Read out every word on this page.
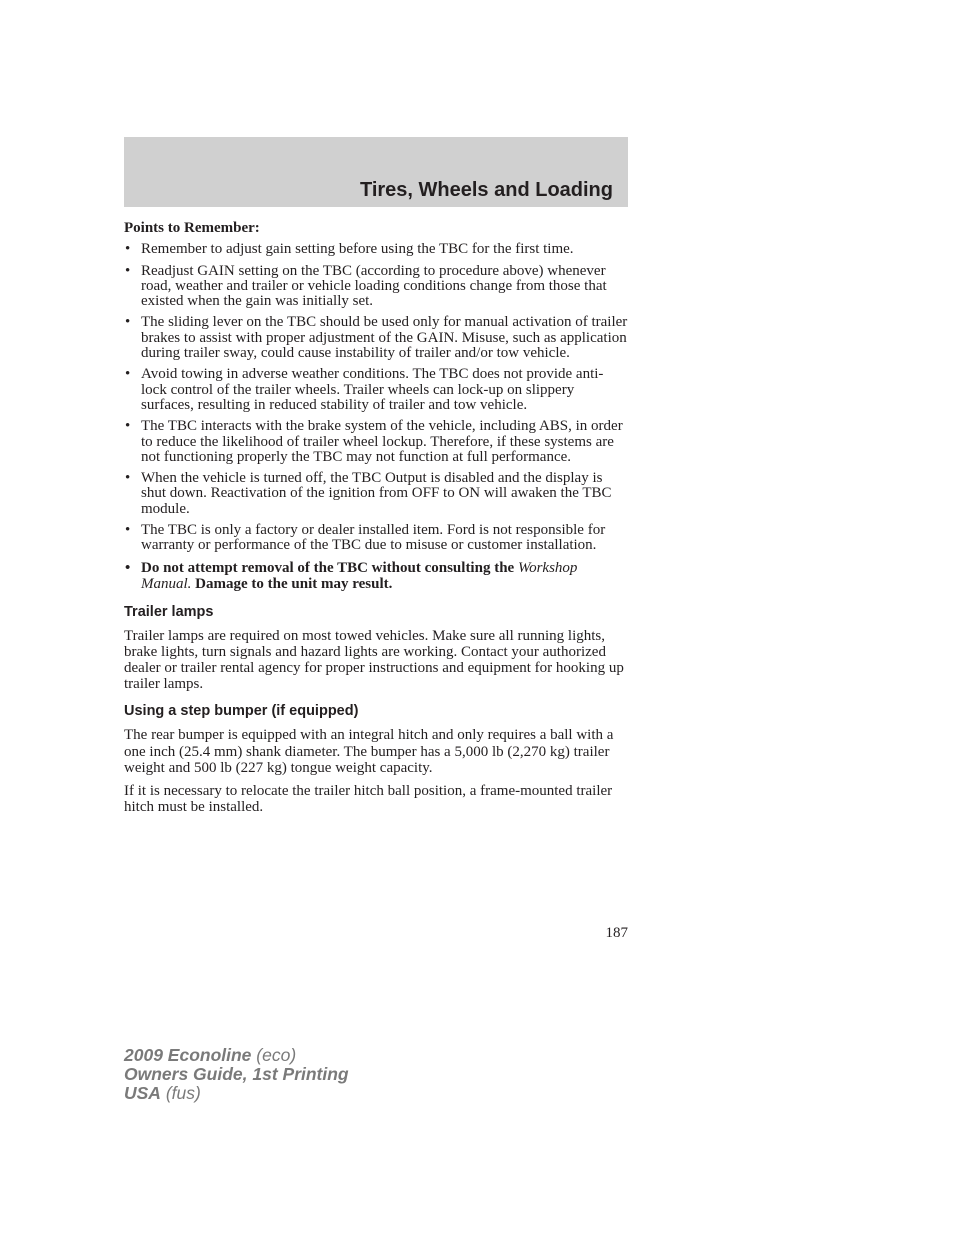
Tires, Wheels and Loading

Points to Remember:

• Remember to adjust gain setting before using the TBC for the first time.
• Readjust GAIN setting on the TBC (according to procedure above) whenever road, weather and trailer or vehicle loading conditions change from those that existed when the gain was initially set.
• The sliding lever on the TBC should be used only for manual activation of trailer brakes to assist with proper adjustment of the GAIN. Misuse, such as application during trailer sway, could cause instability of trailer and/or tow vehicle.
• Avoid towing in adverse weather conditions. The TBC does not provide anti-lock control of the trailer wheels. Trailer wheels can lock-up on slippery surfaces, resulting in reduced stability of trailer and tow vehicle.
• The TBC interacts with the brake system of the vehicle, including ABS, in order to reduce the likelihood of trailer wheel lockup. Therefore, if these systems are not functioning properly the TBC may not function at full performance.
• When the vehicle is turned off, the TBC Output is disabled and the display is shut down. Reactivation of the ignition from OFF to ON will awaken the TBC module.
• The TBC is only a factory or dealer installed item. Ford is not responsible for warranty or performance of the TBC due to misuse or customer installation.
• Do not attempt removal of the TBC without consulting the Workshop Manual. Damage to the unit may result.
Trailer lamps

Trailer lamps are required on most towed vehicles. Make sure all running lights, brake lights, turn signals and hazard lights are working. Contact your authorized dealer or trailer rental agency for proper instructions and equipment for hooking up trailer lamps.

Using a step bumper (if equipped)

The rear bumper is equipped with an integral hitch and only requires a ball with a one inch (25.4 mm) shank diameter. The bumper has a 5,000 lb (2,270 kg) trailer weight and 500 lb (227 kg) tongue weight capacity.

If it is necessary to relocate the trailer hitch ball position, a frame-mounted trailer hitch must be installed.

187

2009 Econoline (eco)
Owners Guide, 1st Printing
USA (fus)
